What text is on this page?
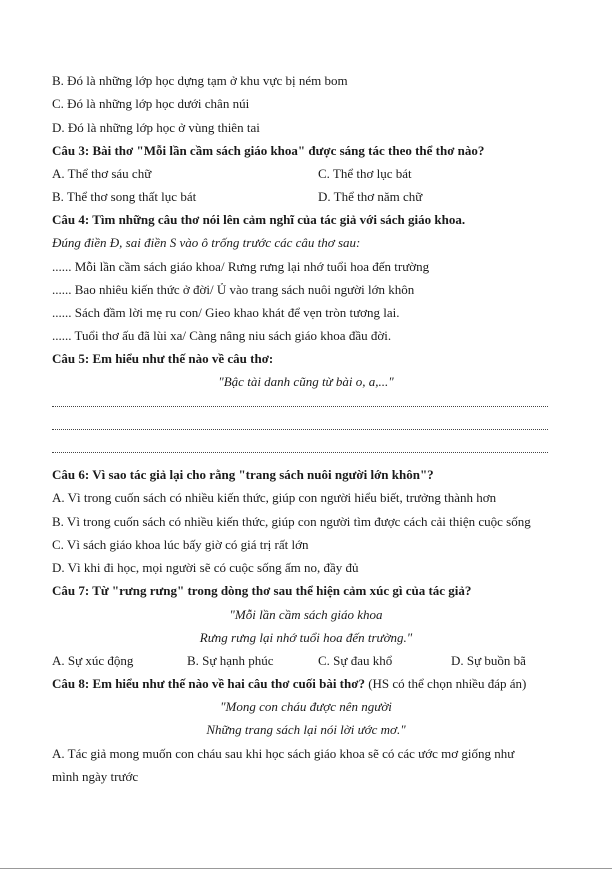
B. Đó là những lớp học dựng tạm ở khu vực bị ném bom
C. Đó là những lớp học dưới chân núi
D. Đó là những lớp học ở vùng thiên tai
Câu 3: Bài thơ "Mỗi lần cầm sách giáo khoa" được sáng tác theo thể thơ nào?
A. Thể thơ sáu chữ	C. Thể thơ lục bát
B. Thể thơ song thất lục bát	D. Thể thơ năm chữ
Câu 4: Tìm những câu thơ nói lên cảm nghĩ của tác giả với sách giáo khoa.
Đúng điền Đ, sai điền S vào ô trống trước các câu thơ sau:
...... Mỗi lần cầm sách giáo khoa/ Rưng rưng lại nhớ tuổi hoa đến trường
...... Bao nhiêu kiến thức ở đời/ Ủ vào trang sách nuôi người lớn khôn
...... Sách đầm lời mẹ ru con/ Gieo khao khát để vẹn tròn tương lai.
...... Tuổi thơ ấu đã lùi xa/ Càng nâng niu sách giáo khoa đầu đời.
Câu 5: Em hiểu như thế nào về câu thơ:
"Bậc tài danh cũng từ bài o, a,..."
Câu 6: Vì sao tác giả lại cho rằng "trang sách nuôi người lớn khôn"?
A. Vì trong cuốn sách có nhiều kiến thức, giúp con người hiểu biết, trưởng thành hơn
B. Vì trong cuốn sách có nhiều kiến thức, giúp con người tìm được cách cải thiện cuộc sống
C. Vì sách giáo khoa lúc bấy giờ có giá trị rất lớn
D. Vì khi đi học, mọi người sẽ có cuộc sống ấm no, đầy đủ
Câu 7: Từ "rưng rưng" trong dòng thơ sau thể hiện cảm xúc gì của tác giả?
"Mỗi lần cầm sách giáo khoa
Rưng rưng lại nhớ tuổi hoa đến trường."
A. Sự xúc động	B. Sự hạnh phúc	C. Sự đau khổ	D. Sự buồn bã
Câu 8: Em hiểu như thế nào về hai câu thơ cuối bài thơ? (HS có thể chọn nhiều đáp án)
"Mong con cháu được nên người
Những trang sách lại nói lời ước mơ."
A. Tác giả mong muốn con cháu sau khi học sách giáo khoa sẽ có các ước mơ giống như
mình ngày trước
